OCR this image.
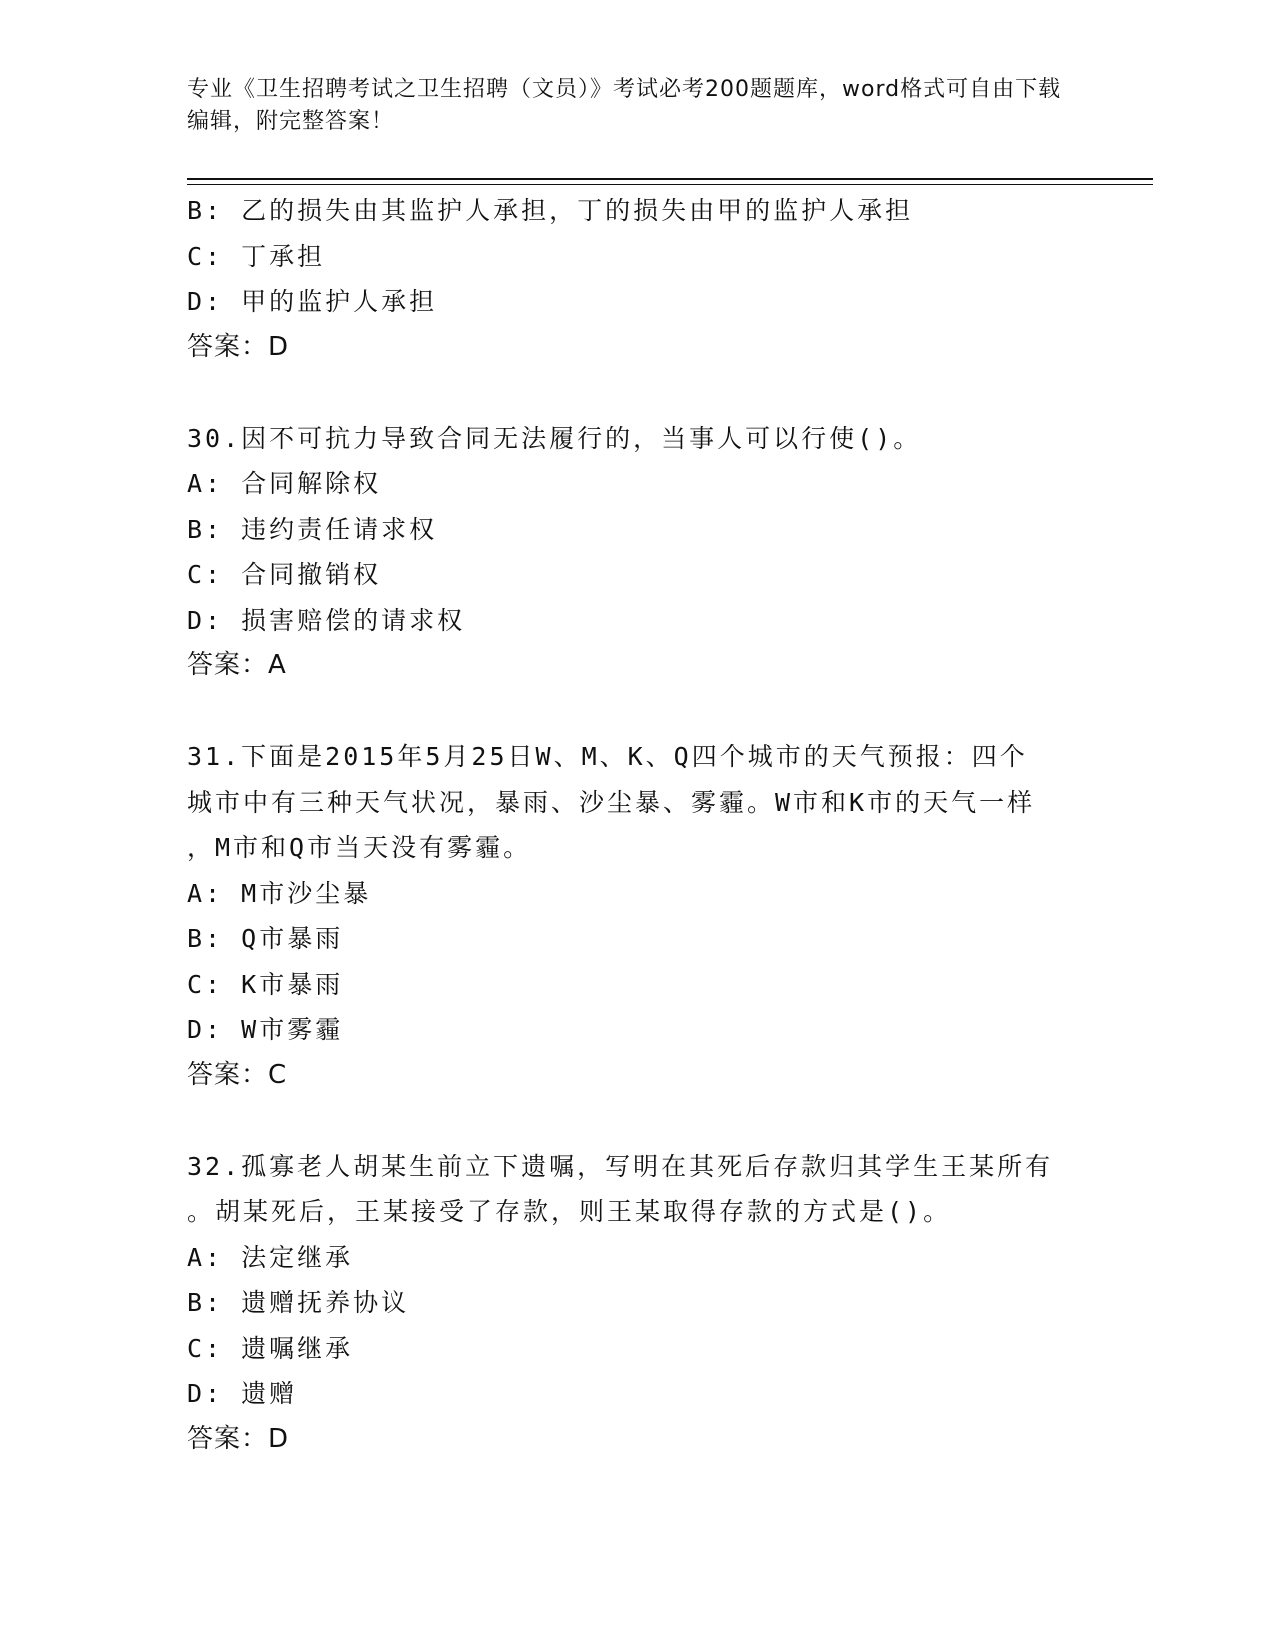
专业《卫生招聘考试之卫生招聘（文员）》考试必考200题题库，word格式可自由下载编辑，附完整答案！
B: 乙的损失由其监护人承担，丁的损失由甲的监护人承担
C: 丁承担
D: 甲的监护人承担
答案：D
30.因不可抗力导致合同无法履行的，当事人可以行使()。
A: 合同解除权
B: 违约责任请求权
C: 合同撤销权
D: 损害赔偿的请求权
答案：A
31.下面是2015年5月25日W、M、K、Q四个城市的天气预报：四个
城市中有三种天气状况，暴雨、沙尘暴、雾霾。W市和K市的天气一样
，M市和Q市当天没有雾霾。
A: M市沙尘暴
B: Q市暴雨
C: K市暴雨
D: W市雾霾
答案：C
32.孤寡老人胡某生前立下遗嘱，写明在其死后存款归其学生王某所有
。胡某死后，王某接受了存款，则王某取得存款的方式是()。
A: 法定继承
B: 遗赠抚养协议
C: 遗嘱继承
D: 遗赠
答案：D
